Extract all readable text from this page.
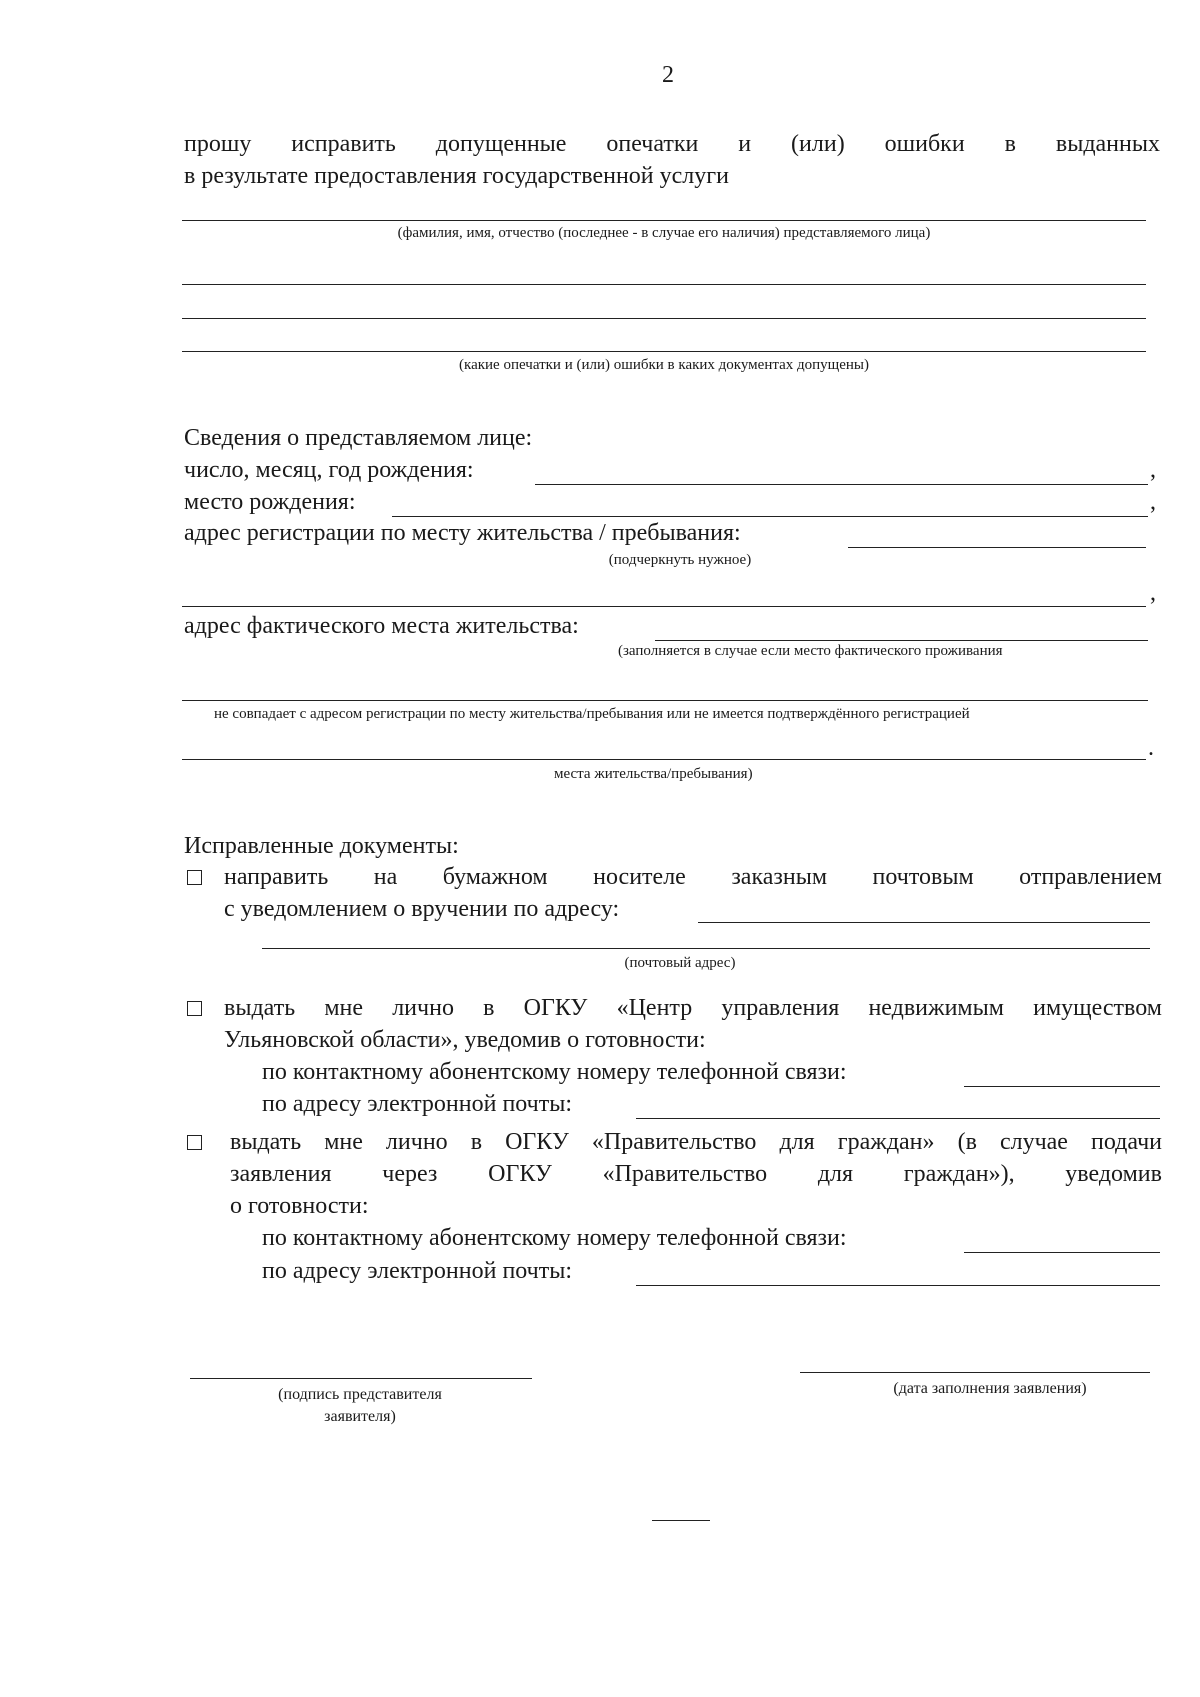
2
прошу исправить допущенные опечатки и (или) ошибки в выданных
в результате предоставления государственной услуги
(фамилия, имя, отчество (последнее - в случае его наличия) представляемого лица)
(какие опечатки и (или) ошибки в каких документах допущены)
Сведения о представляемом лице:
число, месяц, год рождения:	,
место рождения:	,
адрес регистрации по месту жительства / пребывания:
(подчеркнуть нужное)
,
адрес фактического места жительства:
(заполняется в случае если место фактического проживания
не совпадает с адресом регистрации по месту жительства/пребывания или не имеется подтверждённого регистрацией
.
места жительства/пребывания)
Исправленные документы:
направить на бумажном носителе заказным почтовым отправлением
с уведомлением о вручении по адресу:
(почтовый адрес)
выдать мне лично в ОГКУ «Центр управления недвижимым имуществом
Ульяновской области», уведомив о готовности:
по контактному абонентскому номеру телефонной связи:
по адресу электронной почты:
выдать мне лично в ОГКУ «Правительство для граждан» (в случае подачи
заявления через ОГКУ «Правительство для граждан»), уведомив
о готовности:
по контактному абонентскому номеру телефонной связи:
по адресу электронной почты:
(подпись представителя
заявителя)
(дата заполнения заявления)
